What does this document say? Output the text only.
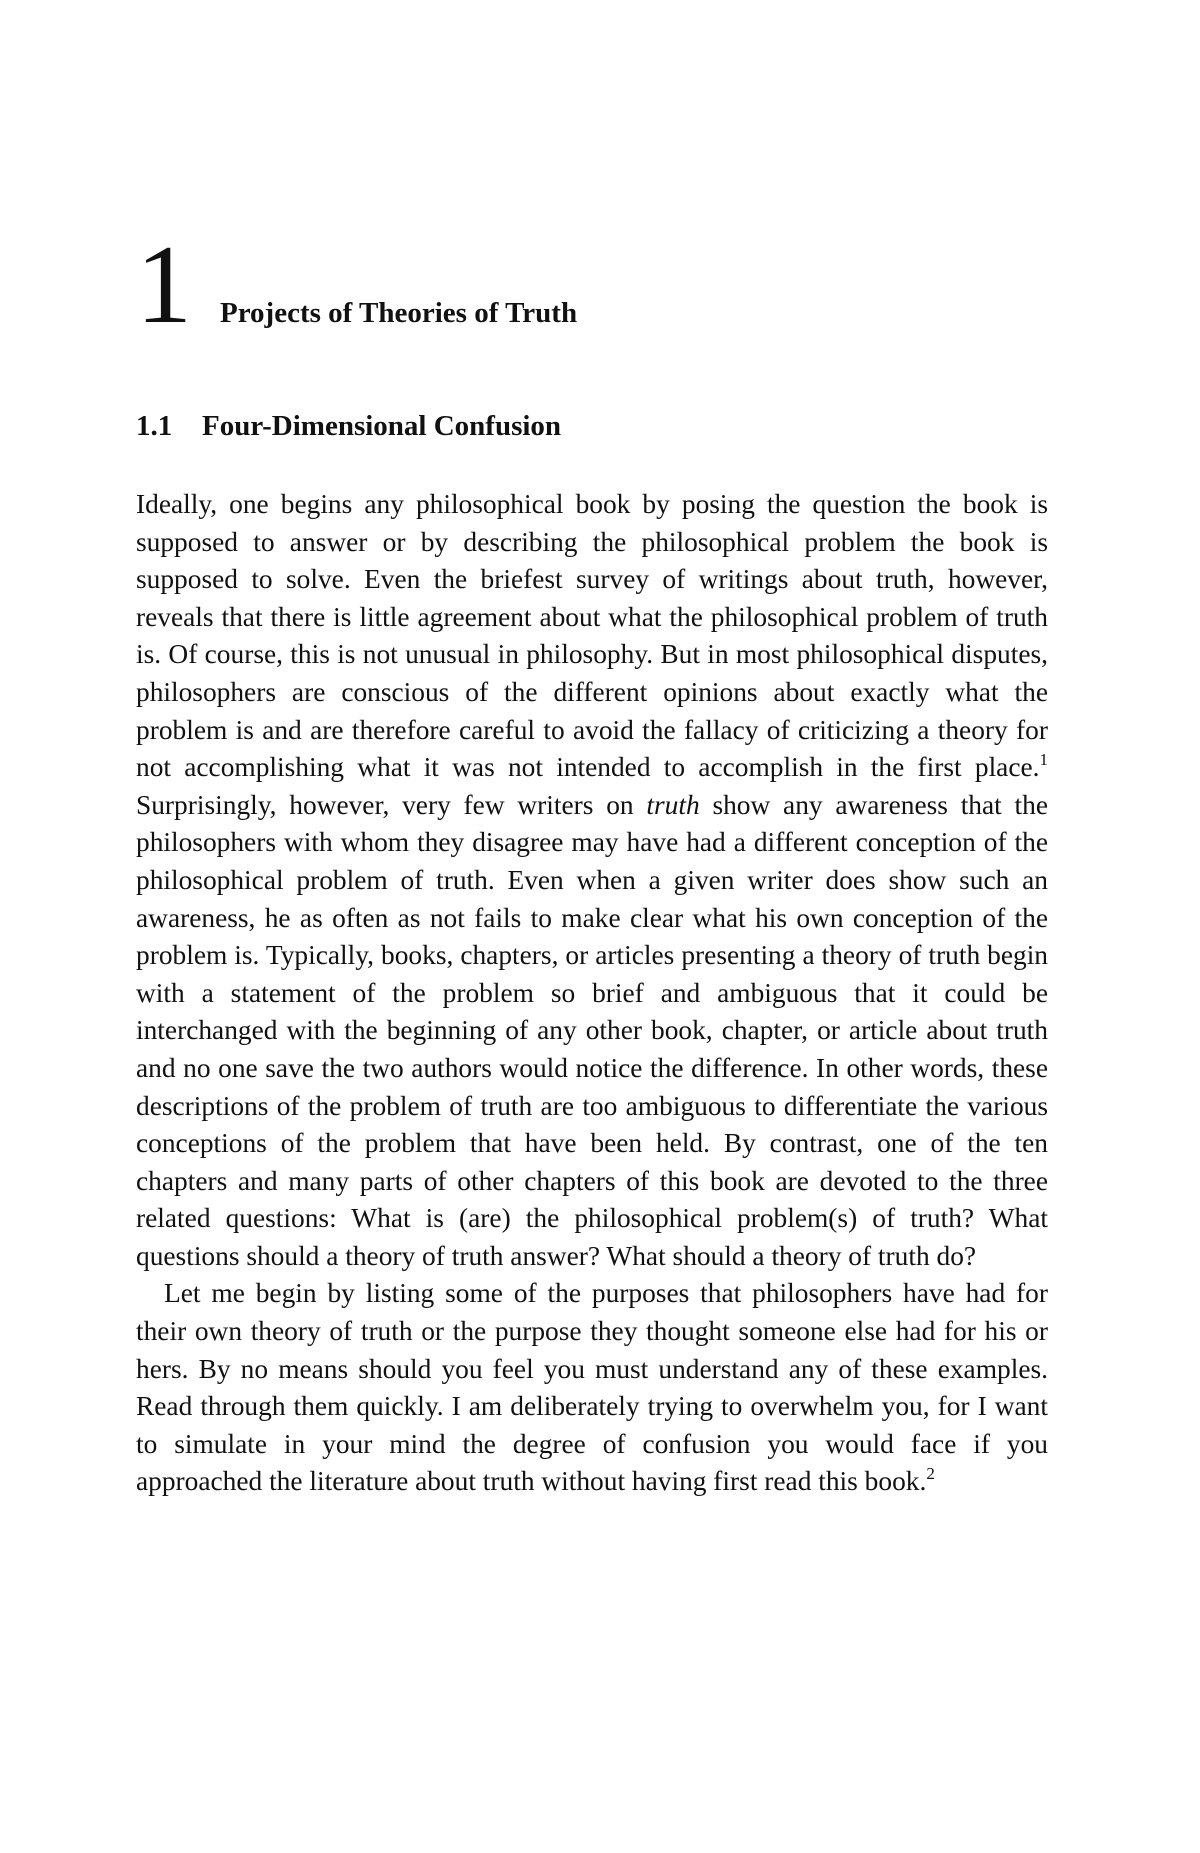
1 Projects of Theories of Truth
1.1 Four-Dimensional Confusion

Ideally, one begins any philosophical book by posing the question the book is supposed to answer or by describing the philosophical problem the book is supposed to solve. Even the briefest survey of writings about truth, however, reveals that there is little agreement about what the philosophical problem of truth is. Of course, this is not unusual in philosophy. But in most philosophical disputes, philosophers are conscious of the different opinions about exactly what the problem is and are therefore careful to avoid the fallacy of criticizing a theory for not accomplishing what it was not intended to accomplish in the first place.$^1$ Surprisingly, however, very few writers on truth show any awareness that the philosophers with whom they disagree may have had a different conception of the philosophical problem of truth. Even when a given writer does show such an awareness, he as often as not fails to make clear what his own conception of the problem is. Typically, books, chapters, or articles presenting a theory of truth begin with a statement of the problem so brief and ambiguous that it could be interchanged with the beginning of any other book, chapter, or article about truth and no one save the two authors would notice the difference. In other words, these descriptions of the problem of truth are too ambiguous to differentiate the various conceptions of the problem that have been held. By contrast, one of the ten chapters and many parts of other chapters of this book are devoted to the three related questions: What is (are) the philosophical problem(s) of truth? What questions should a theory of truth answer? What should a theory of truth do?

Let me begin by listing some of the purposes that philosophers have had for their own theory of truth or the purpose they thought someone else had for his or hers. By no means should you feel you must understand any of these examples. Read through them quickly. I am deliberately trying to overwhelm you, for I want to simulate in your mind the degree of confusion you would face if you approached the literature about truth without having first read this book.$^2$
